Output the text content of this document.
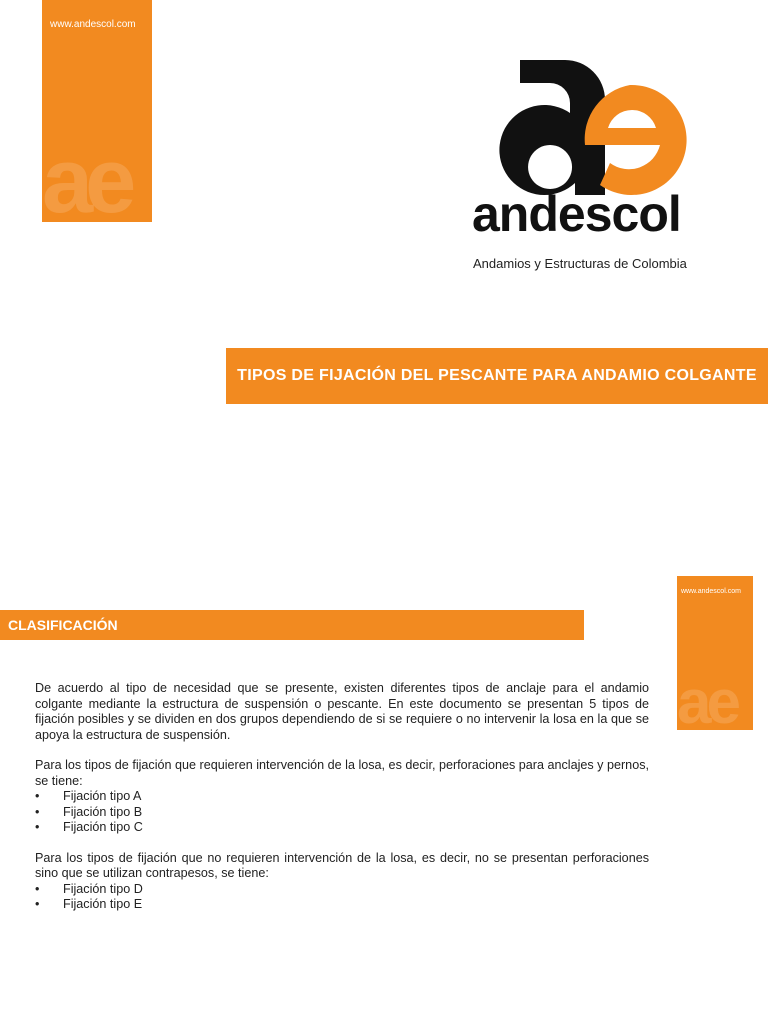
www.andescol.com
ae	andescol
Andamios y Estructuras de Colombia
TIPOS DE FIJACIÓN DEL PESCANTE PARA ANDAMIO COLGANTE
www.andescol.com
ae
CLASIFICACIÓN

De acuerdo al tipo de necesidad que se presente, existen diferentes tipos de anclaje para el andamio colgante mediante la estructura de suspensión o pescante. En este documento se presentan 5 tipos de fijación posibles y se dividen en dos grupos dependiendo de si se requiere o no intervenir la losa en la que se apoya la estructura de suspensión.

Para los tipos de fijación que requieren intervención de la losa, es decir, perforaciones para anclajes y pernos, se tiene:

• Fijación tipo A
• Fijación tipo B
• Fijación tipo C

Para los tipos de fijación que no requieren intervención de la losa, es decir, no se presentan perforaciones sino que se utilizan contrapesos, se tiene:

• Fijación tipo D
• Fijación tipo E
